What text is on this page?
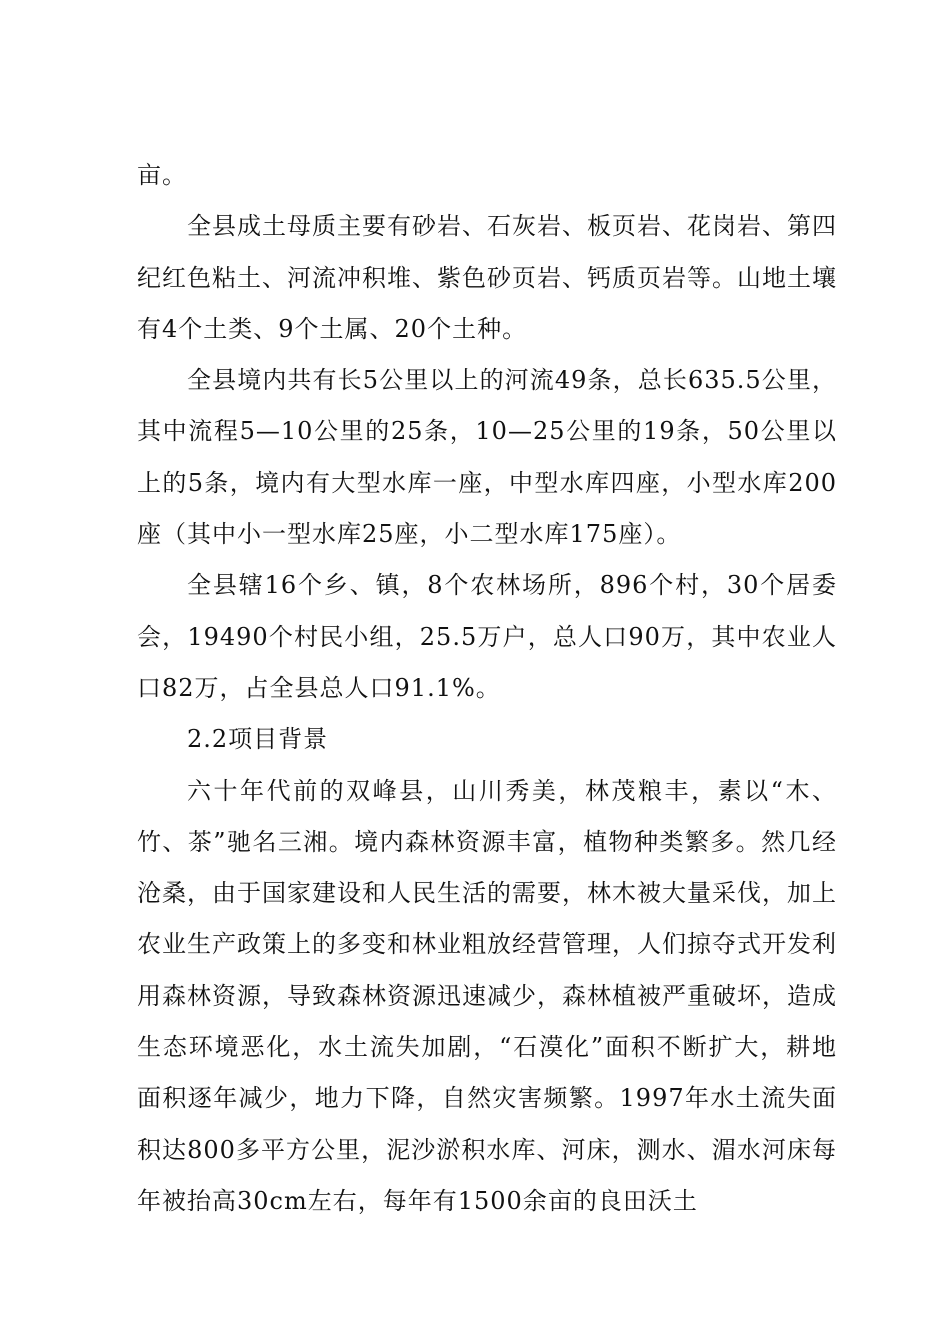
亩。

全县成土母质主要有砂岩、石灰岩、板页岩、花岗岩、第四纪红色粘土、河流冲积堆、紫色砂页岩、钙质页岩等。山地土壤有4个土类、9个土属、20个土种。

全县境内共有长5公里以上的河流49条，总长635.5公里，其中流程5—10公里的25条，10—25公里的19条，50公里以上的5条，境内有大型水库一座，中型水库四座，小型水库200座（其中小一型水库25座，小二型水库175座）。

全县辖16个乡、镇，8个农林场所，896个村，30个居委会，19490个村民小组，25.5万户，总人口90万，其中农业人口82万，占全县总人口91.1%。

2.2项目背景

六十年代前的双峰县，山川秀美，林茂粮丰，素以“木、竹、茶”驰名三湘。境内森林资源丰富，植物种类繁多。然几经沧桑，由于国家建设和人民生活的需要，林木被大量采伐，加上农业生产政策上的多变和林业粗放经营管理，人们掠夺式开发利用森林资源，导致森林资源迅速减少，森林植被严重破坏，造成生态环境恶化，水土流失加剧，“石漠化”面积不断扩大，耕地面积逐年减少，地力下降，自然灾害频繁。1997年水土流失面积达800多平方公里，泥沙淤积水库、河床，测水、湄水河床每年被抬高30cm左右，每年有1500余亩的良田沃土
